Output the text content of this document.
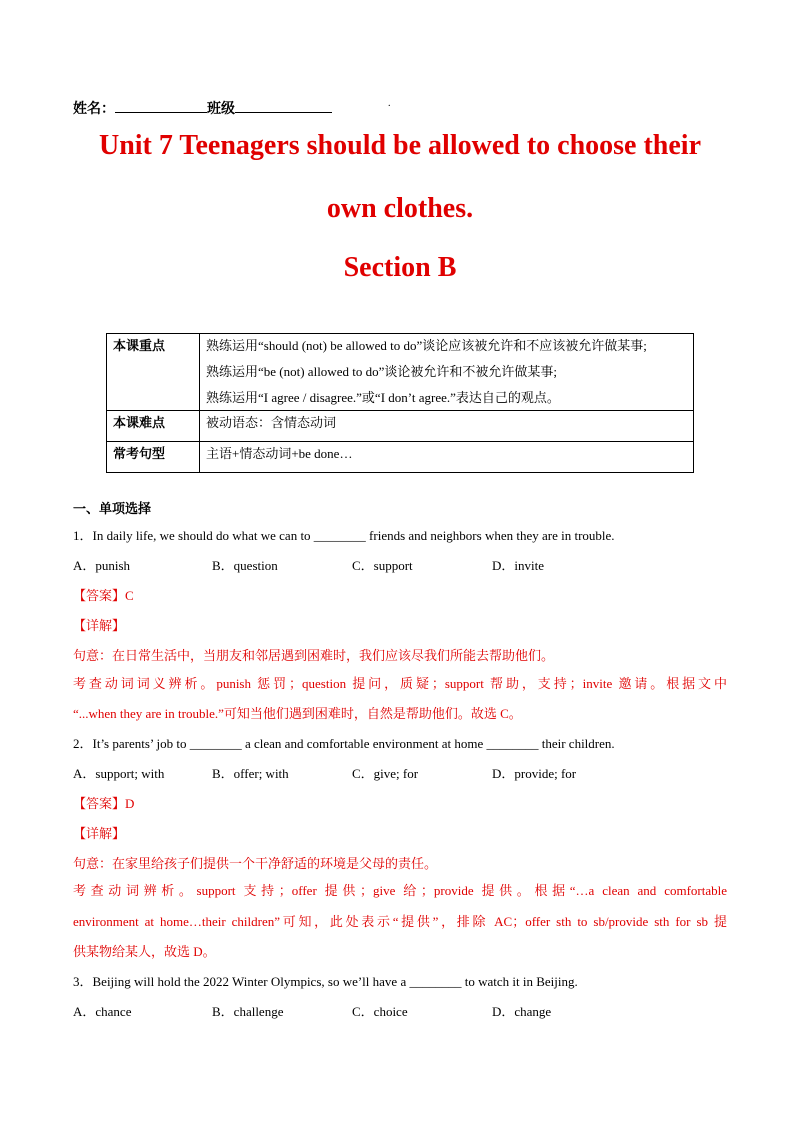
姓名：	班级
Unit 7 Teenagers should be allowed to choose their
own clothes.
Section B
本课重点	熟练运用“should (not) be allowed to do”谈论应该被允许和不应该被允许做某事;

熟练运用“be (not) allowed to do”谈论被允许和不被允许做某事;

熟练运用“I agree / disagree.”或“I don’t agree.”表达自己的观点。

本课难点	被动语态：含情态动词

常考句型	主语+情态动词+be done…

一、单项选择
1．In daily life, we should do what we can to ________ friends and neighbors when they are in trouble.
A．punish	B．question	C．support	D．invite
【答案】C
【详解】
句意：在日常生活中，当朋友和邻居遇到困难时，我们应该尽我们所能去帮助他们。
考查动词词义辨析。punish 惩罚；question 提问，质疑；support 帮助，支持；invite 邀请。根据文中
“...when they are in trouble.”可知当他们遇到困难时，自然是帮助他们。故选 C。
2．It’s parents’ job to ________ a clean and comfortable environment at home ________ their children.
A．support; with	B．offer; with	C．give; for	D．provide; for
【答案】D
【详解】
句意：在家里给孩子们提供一个干净舒适的环境是父母的责任。
考查动词辨析。support 支持；offer 提供；give 给；provide 提供。根据“…a clean and comfortable
environment at home…their children”可知，此处表示“提供”，排除 AC；offer sth to sb/provide sth for sb 提
供某物给某人，故选 D。
3．Beijing will hold the 2022 Winter Olympics, so we’ll have a ________ to watch it in Beijing.
A．chance	B．challenge	C．choice	D．change
.
